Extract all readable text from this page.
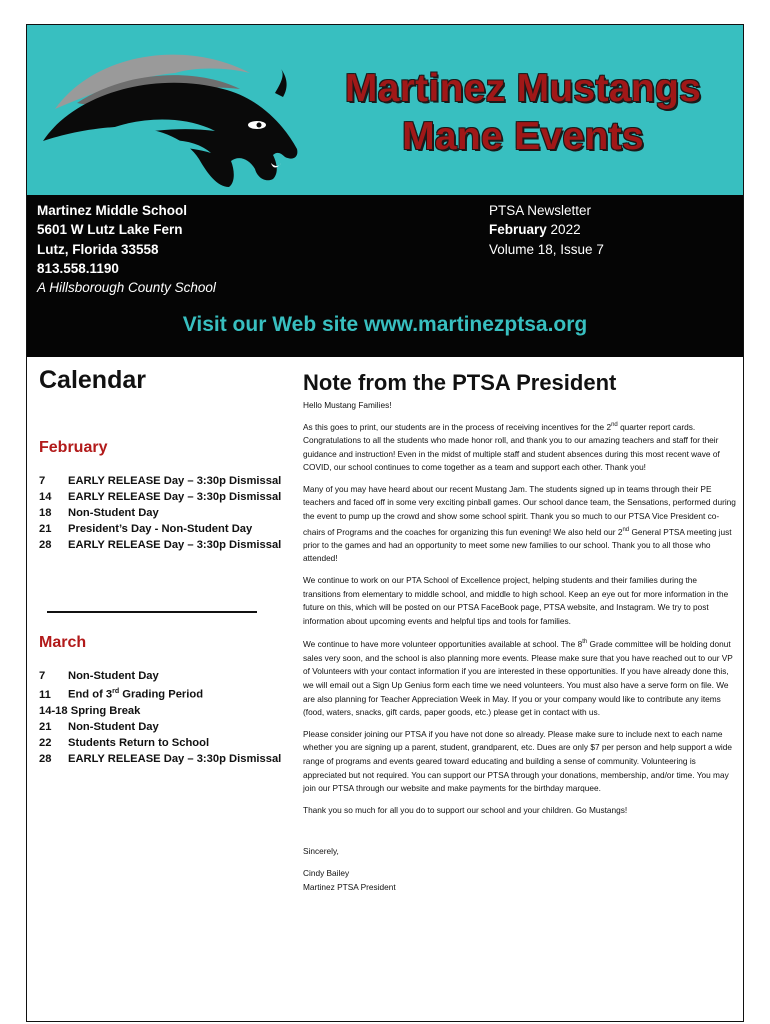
Martinez Mustangs
Mane Events
Martinez Middle School
5601 W Lutz Lake Fern
Lutz, Florida 33558
813.558.1190
A Hillsborough County School
PTSA Newsletter
February 2022
Volume 18, Issue 7
Visit our Web site www.martinezptsa.org
Calendar
February
7 EARLY RELEASE Day – 3:30p Dismissal
14 EARLY RELEASE Day – 3:30p Dismissal
18 Non-Student Day
21 President’s Day - Non-Student Day
28 EARLY RELEASE Day – 3:30p Dismissal
March
7 Non-Student Day
11 End of 3rd Grading Period
14-18 Spring Break
21 Non-Student Day
22 Students Return to School
28 EARLY RELEASE Day – 3:30p Dismissal
Note from the PTSA President

Hello Mustang Families!

As this goes to print, our students are in the process of receiving incentives for the 2nd quarter report cards. Congratulations to all the students who made honor roll, and thank you to our amazing teachers and staff for their guidance and instruction! Even in the midst of multiple staff and student absences during this most recent wave of COVID, our school continues to come together as a team and support each other. Thank you!

Many of you may have heard about our recent Mustang Jam. The students signed up in teams through their PE teachers and faced off in some very exciting pinball games. Our school dance team, the Sensations, performed during the event to pump up the crowd and show some school spirit. Thank you so much to our PTSA Vice President co-chairs of Programs and the coaches for organizing this fun evening! We also held our 2nd General PTSA meeting just prior to the games and had an opportunity to meet some new families to our school. Thank you to all those who attended!

We continue to work on our PTA School of Excellence project, helping students and their families during the transitions from elementary to middle school, and middle to high school. Keep an eye out for more information in the future on this, which will be posted on our PTSA FaceBook page, PTSA website, and Instagram. We try to post information about upcoming events and helpful tips and tools for families.

We continue to have more volunteer opportunities available at school. The 8th Grade committee will be holding donut sales very soon, and the school is also planning more events. Please make sure that you have reached out to our VP of Volunteers with your contact information if you are interested in these opportunities. If you have already done this, we will email out a Sign Up Genius form each time we need volunteers. You must also have a serve form on file. We are also planning for Teacher Appreciation Week in May. If you or your company would like to contribute any items (food, waters, snacks, gift cards, paper goods, etc.) please get in contact with us.

Please consider joining our PTSA if you have not done so already. Please make sure to include next to each name whether you are signing up a parent, student, grandparent, etc. Dues are only $7 per person and help support a wide range of programs and events geared toward educating and building a sense of community. Volunteering is appreciated but not required. You can support our PTSA through your donations, membership, and/or time. You may join our PTSA through our website and make payments for the birthday marquee.

Thank you so much for all you do to support our school and your children. Go Mustangs!

Sincerely,

Cindy Bailey

Martinez PTSA President
